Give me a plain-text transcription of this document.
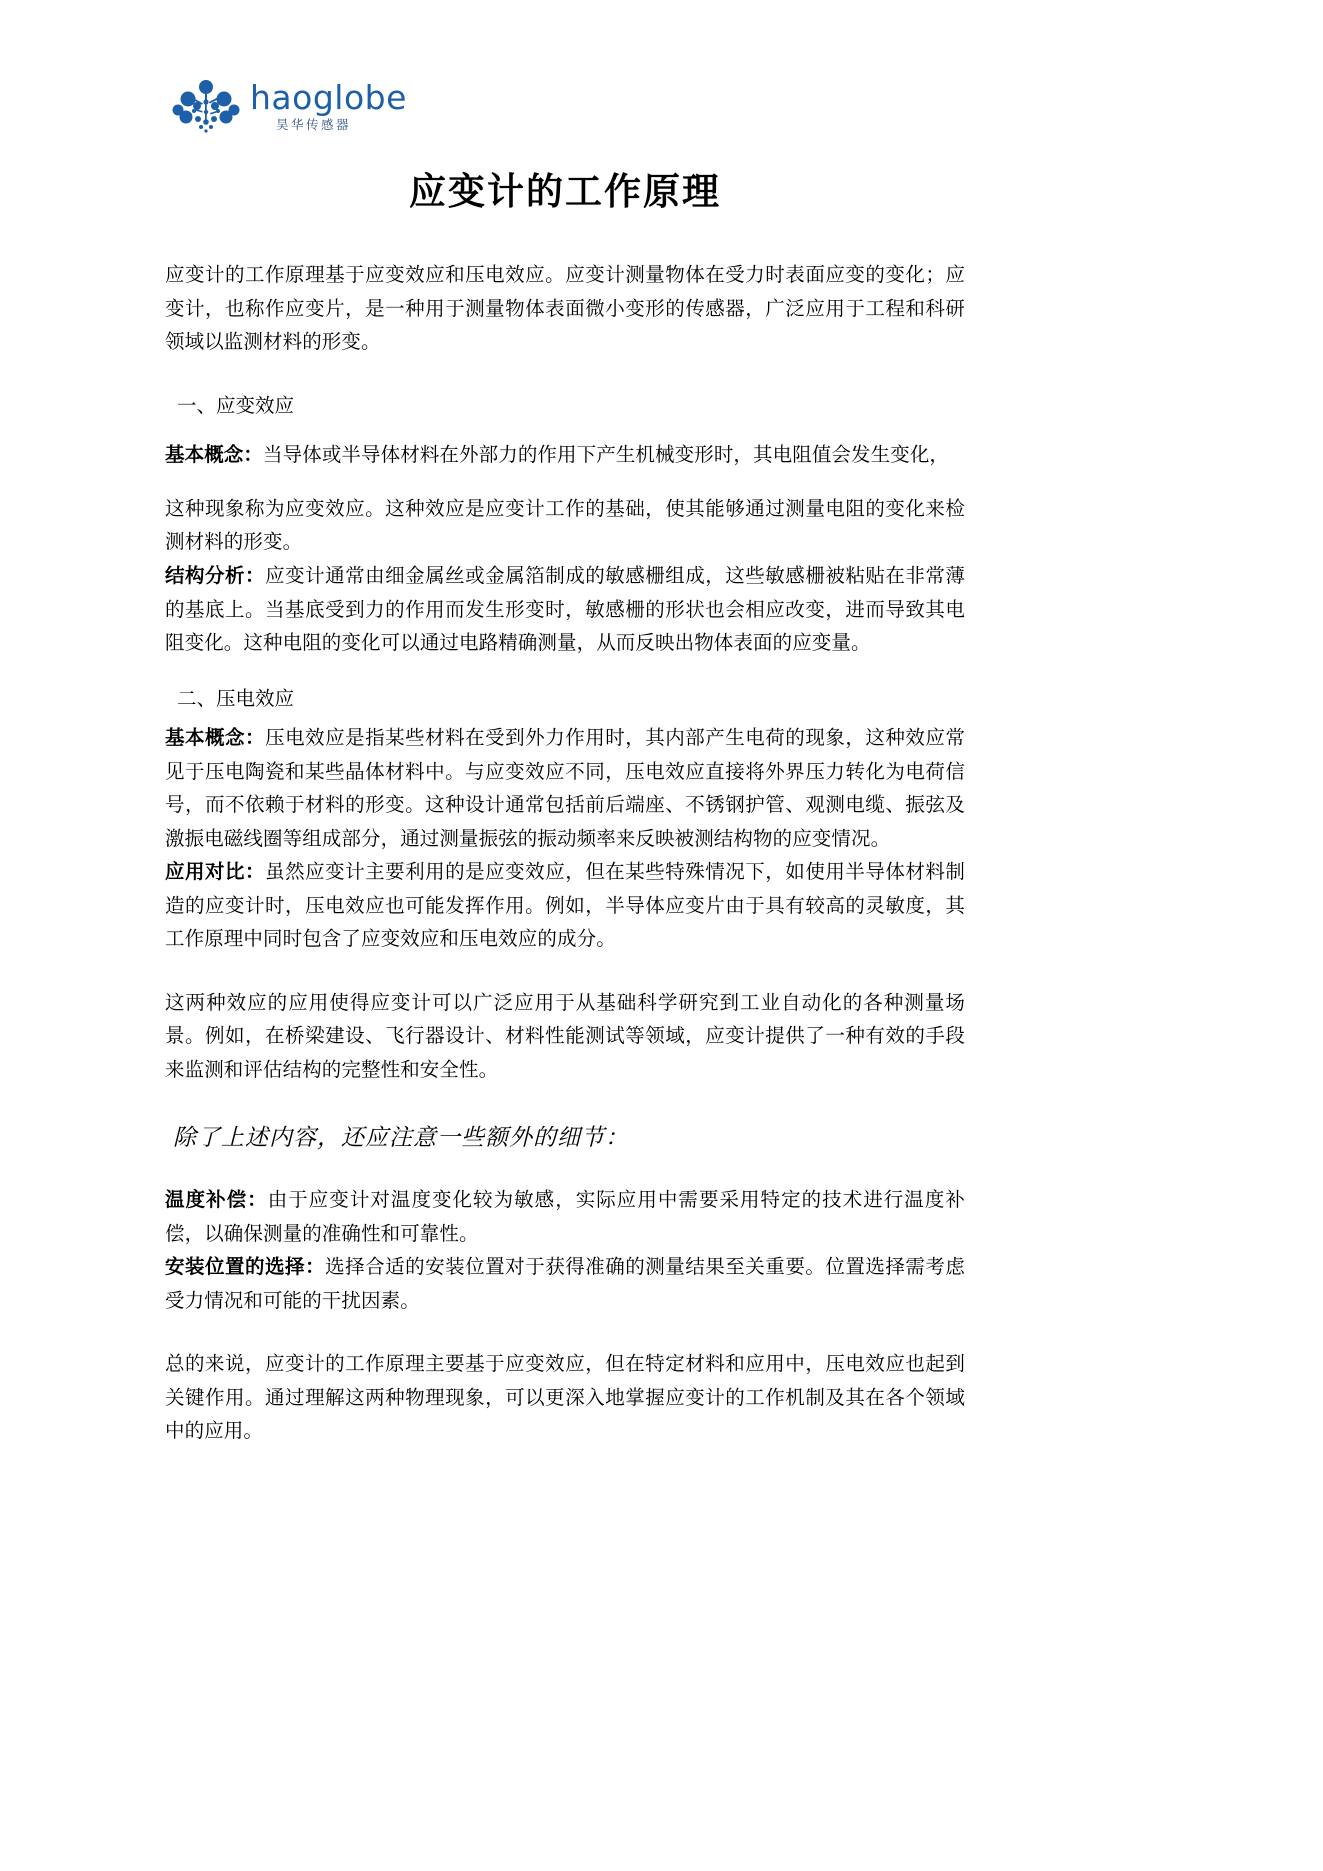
haoglobe
昊华传感器
应变计的工作原理

应变计的工作原理基于应变效应和压电效应。应变计测量物体在受力时表面应变的变化；应变计，也称作应变片，是一种用于测量物体表面微小变形的传感器，广泛应用于工程和科研领域以监测材料的形变。

一、应变效应

基本概念：当导体或半导体材料在外部力的作用下产生机械变形时，其电阻值会发生变化，

这种现象称为应变效应。这种效应是应变计工作的基础，使其能够通过测量电阻的变化来检测材料的形变。

结构分析：应变计通常由细金属丝或金属箔制成的敏感栅组成，这些敏感栅被粘贴在非常薄的基底上。当基底受到力的作用而发生形变时，敏感栅的形状也会相应改变，进而导致其电阻变化。这种电阻的变化可以通过电路精确测量，从而反映出物体表面的应变量。

二、压电效应

基本概念：压电效应是指某些材料在受到外力作用时，其内部产生电荷的现象，这种效应常见于压电陶瓷和某些晶体材料中。与应变效应不同，压电效应直接将外界压力转化为电荷信号，而不依赖于材料的形变。这种设计通常包括前后端座、不锈钢护管、观测电缆、振弦及激振电磁线圈等组成部分，通过测量振弦的振动频率来反映被测结构物的应变情况。

应用对比：虽然应变计主要利用的是应变效应，但在某些特殊情况下，如使用半导体材料制造的应变计时，压电效应也可能发挥作用。例如，半导体应变片由于具有较高的灵敏度，其工作原理中同时包含了应变效应和压电效应的成分。

这两种效应的应用使得应变计可以广泛应用于从基础科学研究到工业自动化的各种测量场景。例如，在桥梁建设、飞行器设计、材料性能测试等领域，应变计提供了一种有效的手段来监测和评估结构的完整性和安全性。

除了上述内容，还应注意一些额外的细节：

温度补偿：由于应变计对温度变化较为敏感，实际应用中需要采用特定的技术进行温度补偿，以确保测量的准确性和可靠性。

安装位置的选择：选择合适的安装位置对于获得准确的测量结果至关重要。位置选择需考虑受力情况和可能的干扰因素。

总的来说，应变计的工作原理主要基于应变效应，但在特定材料和应用中，压电效应也起到关键作用。通过理解这两种物理现象，可以更深入地掌握应变计的工作机制及其在各个领域中的应用。
